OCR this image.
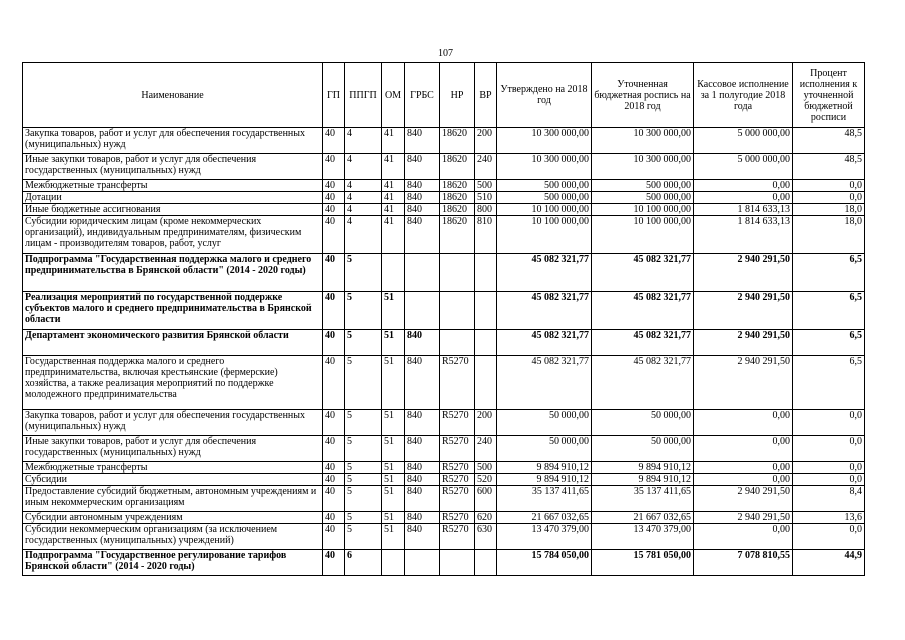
107
Наименование	ГП	ППГП	ОМ	ГРБС	НР	ВР	Утверждено на 2018 год	Уточненная бюджетная роспись на 2018 год	Кассовое исполнение за 1 полугодие 2018 года	Процент исполнения к уточненной бюджетной росписи
Закупка товаров, работ и услуг для обеспечения государственных (муниципальных) нужд	40	4	41	840	18620	200	10 300 000,00	10 300 000,00	5 000 000,00	48,5
Иные закупки товаров, работ и услуг для обеспечения государственных (муниципальных) нужд	40	4	41	840	18620	240	10 300 000,00	10 300 000,00	5 000 000,00	48,5
Межбюджетные трансферты	40	4	41	840	18620	500	500 000,00	500 000,00	0,00	0,0
Дотации	40	4	41	840	18620	510	500 000,00	500 000,00	0,00	0,0
Иные бюджетные ассигнования	40	4	41	840	18620	800	10 100 000,00	10 100 000,00	1 814 633,13	18,0
Субсидии юридическим лицам (кроме некоммерческих организаций), индивидуальным предпринимателям, физическим лицам - производителям товаров, работ, услуг	40	4	41	840	18620	810	10 100 000,00	10 100 000,00	1 814 633,13	18,0
Подпрограмма "Государственная поддержка малого и среднего предпринимательства в Брянской области" (2014 - 2020 годы)	40	5					45 082 321,77	45 082 321,77	2 940 291,50	6,5
Реализация мероприятий по государственной поддержке субъектов малого и среднего предпринимательства в Брянской области	40	5	51				45 082 321,77	45 082 321,77	2 940 291,50	6,5
Департамент экономического развития Брянской области	40	5	51	840			45 082 321,77	45 082 321,77	2 940 291,50	6,5
Государственная поддержка малого и среднего предпринимательства, включая крестьянские (фермерские) хозяйства, а также реализация мероприятий по поддержке молодежного предпринимательства	40	5	51	840	R5270		45 082 321,77	45 082 321,77	2 940 291,50	6,5
Закупка товаров, работ и услуг для обеспечения государственных (муниципальных) нужд	40	5	51	840	R5270	200	50 000,00	50 000,00	0,00	0,0
Иные закупки товаров, работ и услуг для обеспечения государственных (муниципальных) нужд	40	5	51	840	R5270	240	50 000,00	50 000,00	0,00	0,0
Межбюджетные трансферты	40	5	51	840	R5270	500	9 894 910,12	9 894 910,12	0,00	0,0
Субсидии	40	5	51	840	R5270	520	9 894 910,12	9 894 910,12	0,00	0,0
Предоставление субсидий бюджетным, автономным учреждениям и иным некоммерческим организациям	40	5	51	840	R5270	600	35 137 411,65	35 137 411,65	2 940 291,50	8,4
Субсидии автономным учреждениям	40	5	51	840	R5270	620	21 667 032,65	21 667 032,65	2 940 291,50	13,6
Субсидии некоммерческим организациям (за исключением государственных (муниципальных) учреждений)	40	5	51	840	R5270	630	13 470 379,00	13 470 379,00	0,00	0,0
Подпрограмма "Государственное регулирование тарифов Брянской области" (2014 - 2020 годы)	40	6					15 784 050,00	15 781 050,00	7 078 810,55	44,9
